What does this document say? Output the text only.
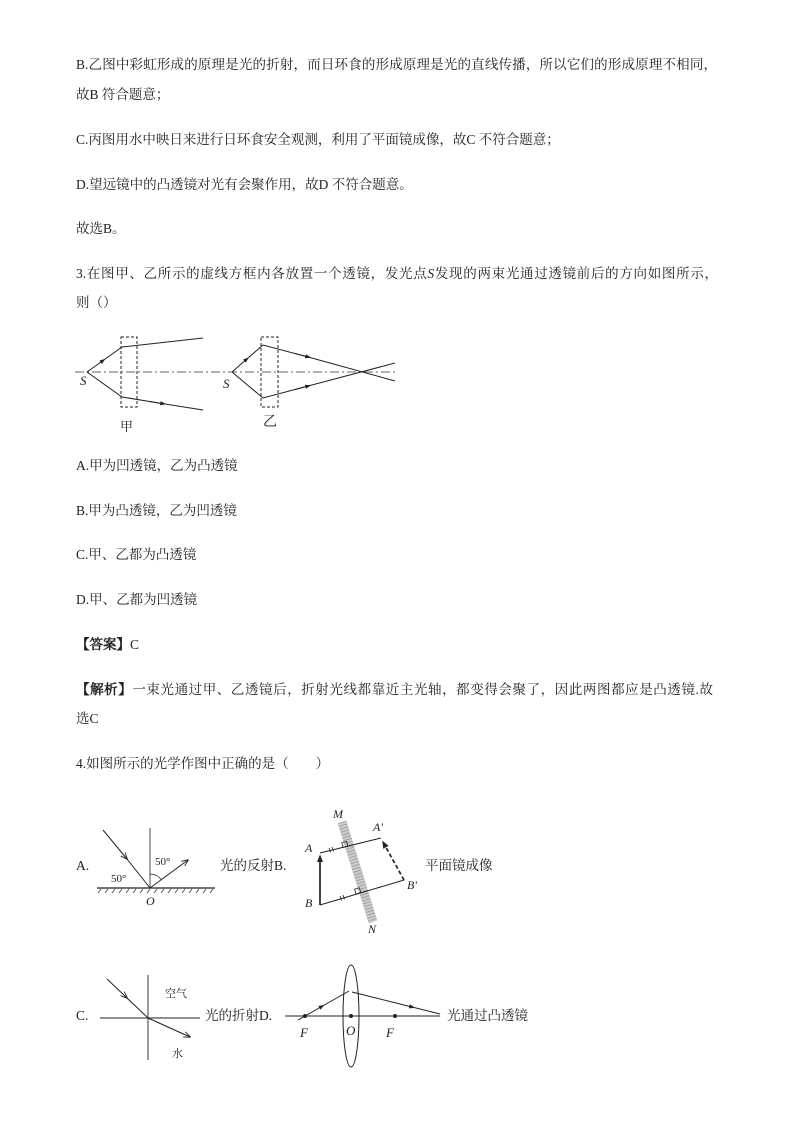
B.乙图中彩虹形成的原理是光的折射，而日环食的形成原理是光的直线传播，所以它们的形成原理不相同，
故B 符合题意；
C.丙图用水中映日来进行日环食安全观测，利用了平面镜成像，故C 不符合题意；
D.望远镜中的凸透镜对光有会聚作用，故D 不符合题意。
故选B。
3.在图甲、乙所示的虚线方框内各放置一个透镜，发光点S发现的两束光通过透镜前后的方向如图所示，
则（）
S	S
甲	乙
A.甲为凹透镜，乙为凸透镜
B.甲为凸透镜，乙为凹透镜
C.甲、乙都为凸透镜
D.甲、乙都为凹透镜
【答案】C
【解析】一束光通过甲、乙透镜后，折射光线都靠近主光轴，都变得会聚了，因此两图都应是凸透镜.故
选C
4.如图所示的光学作图中正确的是（　　）
A.	50°
50°
O
光的反射B.
M
N
A
B
A'
B'
平面镜成像
C.
空气
水
光的折射D.
F	O F
光通过凸透镜
